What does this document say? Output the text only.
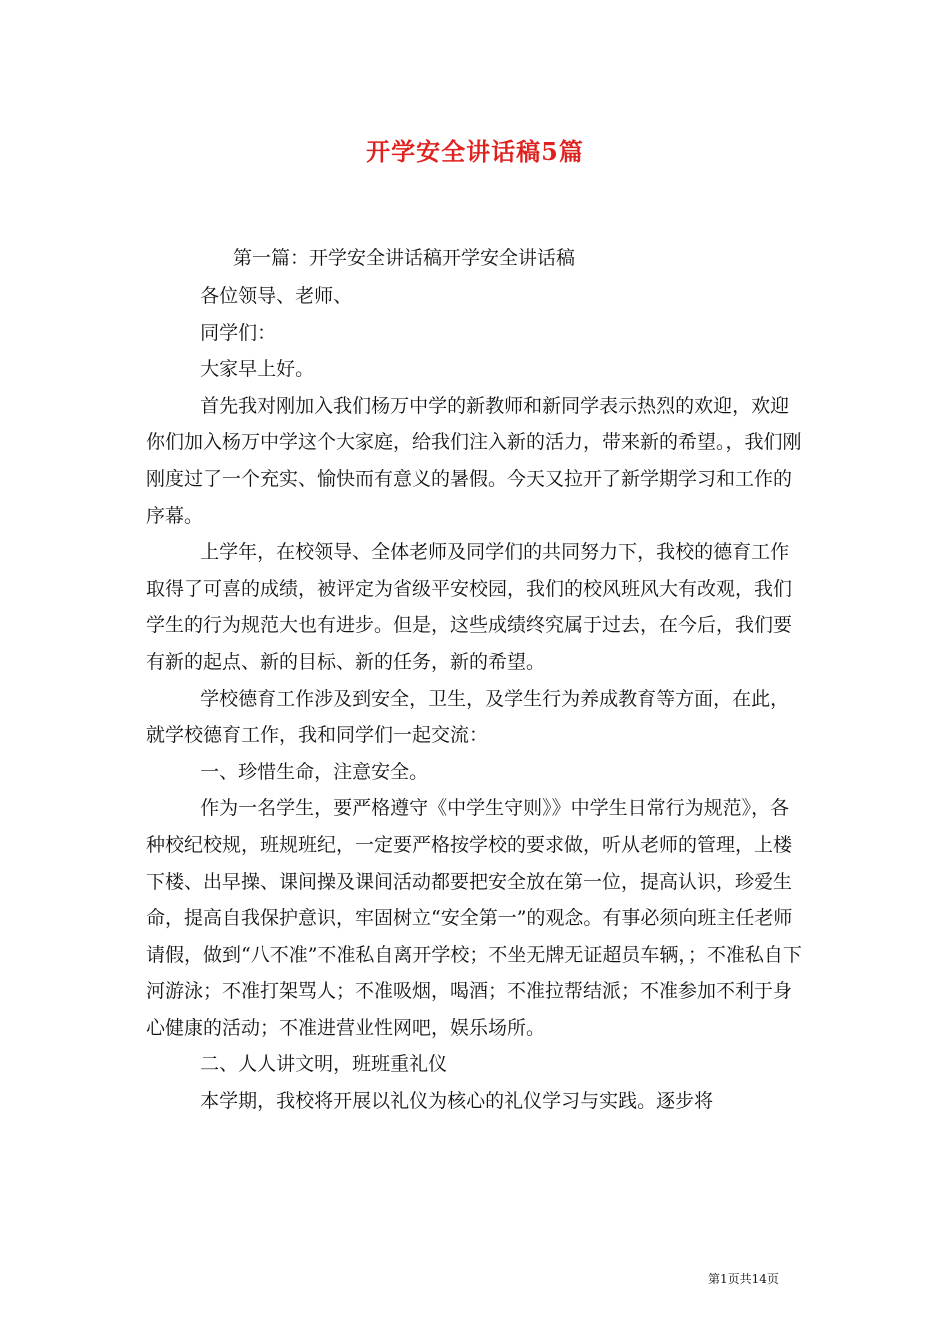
开学安全讲话稿5篇
第一篇：开学安全讲话稿开学安全讲话稿

各位领导、老师、

同学们：

大家早上好。

首先我对刚加入我们杨万中学的新教师和新同学表示热烈的欢迎，欢迎你们加入杨万中学这个大家庭，给我们注入新的活力，带来新的希望。，我们刚刚度过了一个充实、愉快而有意义的暑假。今天又拉开了新学期学习和工作的序幕。

上学年，在校领导、全体老师及同学们的共同努力下，我校的德育工作取得了可喜的成绩，被评定为省级平安校园，我们的校风班风大有改观，我们学生的行为规范大也有进步。但是，这些成绩终究属于过去，在今后，我们要有新的起点、新的目标、新的任务，新的希望。

学校德育工作涉及到安全，卫生，及学生行为养成教育等方面，在此，就学校德育工作，我和同学们一起交流：

一、珍惜生命，注意安全。

作为一名学生，要严格遵守《中学生守则》》中学生日常行为规范》，各种校纪校规，班规班纪，一定要严格按学校的要求做，听从老师的管理，上楼下楼、出早操、课间操及课间活动都要把安全放在第一位，提高认识，珍爱生命，提高自我保护意识，牢固树立“安全第一”的观念。有事必须向班主任老师请假，做到“八不准”不准私自离开学校；不坐无牌无证超员车辆，；不准私自下河游泳；不准打架骂人；不准吸烟，喝酒；不准拉帮结派；不准参加不利于身心健康的活动；不准进营业性网吧，娱乐场所。

二、人人讲文明，班班重礼仪

本学期，我校将开展以礼仪为核心的礼仪学习与实践。逐步将

第1页共14页
